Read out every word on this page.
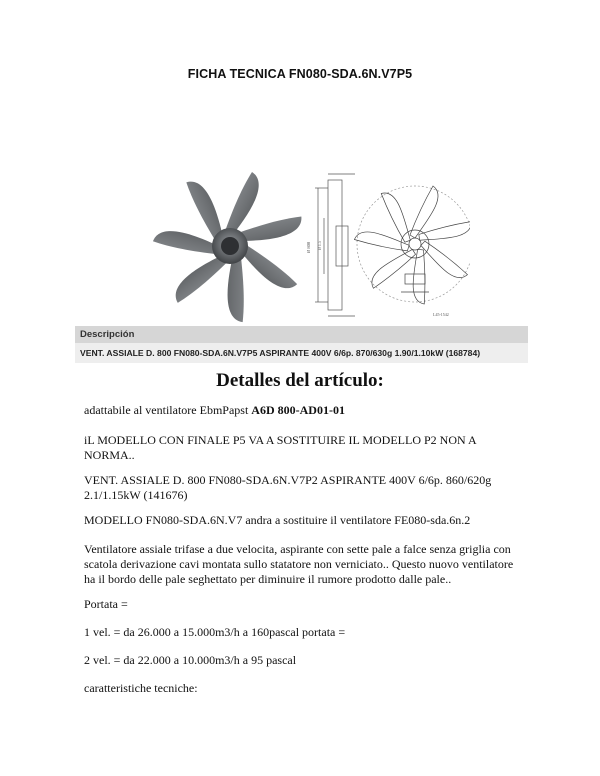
FICHA TECNICA FN080-SDA.6N.V7P5
Ø 800 Ø 1.5
L45-1542
Descripción
VENT. ASSIALE D. 800 FN080-SDA.6N.V7P5 ASPIRANTE 400V 6/6p. 870/630g 1.90/1.10kW (168784)
Detalles del artículo:

adattabile al ventilatore EbmPapst A6D 800-AD01-01

iL MODELLO CON FINALE P5 VA A SOSTITUIRE IL MODELLO P2 NON A NORMA..

VENT. ASSIALE D. 800 FN080-SDA.6N.V7P2 ASPIRANTE 400V 6/6p. 860/620g 2.1/1.15kW (141676)

MODELLO FN080-SDA.6N.V7 andra a sostituire il ventilatore FE080-sda.6n.2

Ventilatore assiale trifase a due velocita, aspirante con sette pale a falce senza griglia con scatola derivazione cavi montata sullo statatore non verniciato.. Questo nuovo ventilatore ha il bordo delle pale seghettato per diminuire il rumore prodotto dalle pale..

Portata =

1 vel. = da 26.000 a 15.000m3/h a 160pascal portata =

2 vel. = da 22.000 a 10.000m3/h a 95 pascal

caratteristiche tecniche:
